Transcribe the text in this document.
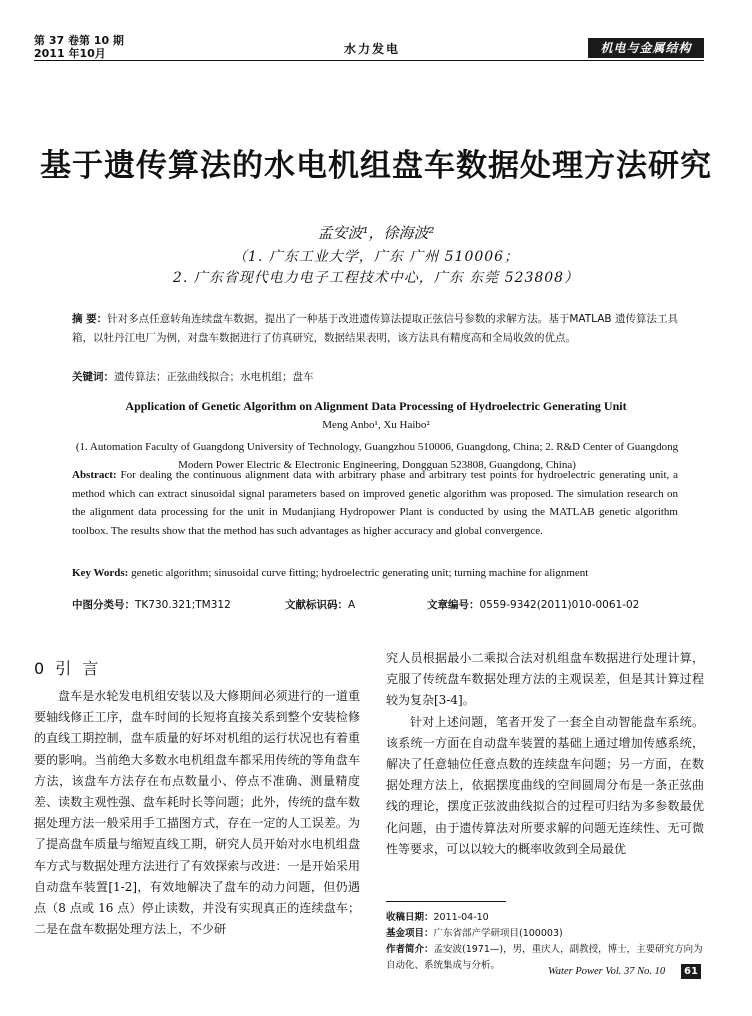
第 37 卷第 10 期
2011 年10月	水力发电	机电与金属结构
基于遗传算法的水电机组盘车数据处理方法研究
孟安波¹，徐海波²
（1. 广东工业大学，广东 广州 510006；
2. 广东省现代电力电子工程技术中心，广东 东莞 523808）
摘 要：针对多点任意转角连续盘车数据，提出了一种基于改进遗传算法提取正弦信号参数的求解方法。基于MATLAB 遗传算法工具箱，以牡丹江电厂为例，对盘车数据进行了仿真研究，数据结果表明，该方法具有精度高和全局收敛的优点。
关键词：遗传算法；正弦曲线拟合；水电机组；盘车
Application of Genetic Algorithm on Alignment Data Processing of Hydroelectric Generating Unit
Meng Anbo¹, Xu Haibo²
(1. Automation Faculty of Guangdong University of Technology, Guangzhou 510006, Guangdong, China; 2. R&D Center of Guangdong Modern Power Electric & Electronic Engineering, Dongguan 523808, Guangdong, China)
Abstract: For dealing the continuous alignment data with arbitrary phase and arbitrary test points for hydroelectric generating unit, a method which can extract sinusoidal signal parameters based on improved genetic algorithm was proposed. The simulation research on the alignment data processing for the unit in Mudanjiang Hydropower Plant is conducted by using the MATLAB genetic algorithm toolbox. The results show that the method has such advantages as higher accuracy and global convergence.
Key Words: genetic algorithm; sinusoidal curve fitting; hydroelectric generating unit; turning machine for alignment
中图分类号：TK730.321;TM312	文献标识码：A	文章编号：0559-9342(2011)010-0061-02
0 引 言

盘车是水轮发电机组安装以及大修期间必须进行的一道重要轴线修正工序，盘车时间的长短将直接关系到整个安装检修的直线工期控制，盘车质量的好坏对机组的运行状况也有着重要的影响。当前绝大多数水电机组盘车都采用传统的等角盘车方法，该盘车方法存在布点数量小、停点不准确、测量精度差、读数主观性强、盘车耗时长等问题；此外，传统的盘车数据处理方法一般采用手工描图方式，存在一定的人工误差。为了提高盘车质量与缩短直线工期，研究人员开始对水电机组盘车方式与数据处理方法进行了有效探索与改进：一是开始采用自动盘车装置[1-2]，有效地解决了盘车的动力问题，但仍遇点（8 点或 16 点）停止读数，并没有实现真正的连续盘车；二是在盘车数据处理方法上，不少研

究人员根据最小二乘拟合法对机组盘车数据进行处理计算，克服了传统盘车数据处理方法的主观误差，但是其计算过程较为复杂[3-4]。

针对上述问题，笔者开发了一套全自动智能盘车系统。该系统一方面在自动盘车装置的基础上通过增加传感系统，解决了任意轴位任意点数的连续盘车问题；另一方面，在数据处理方法上，依据摆度曲线的空间圆周分布是一条正弦曲线的理论，摆度正弦波曲线拟合的过程可归结为多参数最优化问题，由于遗传算法对所要求解的问题无连续性、无可微性等要求，可以以较大的概率收敛到全局最优

收稿日期：2011-04-10
基金项目：广东省部产学研项目(100003)
作者简介：孟安波(1971—)，男，重庆人，副教授，博士，主要研究方向为自动化、系统集成与分析。
Water Power Vol. 37 No. 10	61
